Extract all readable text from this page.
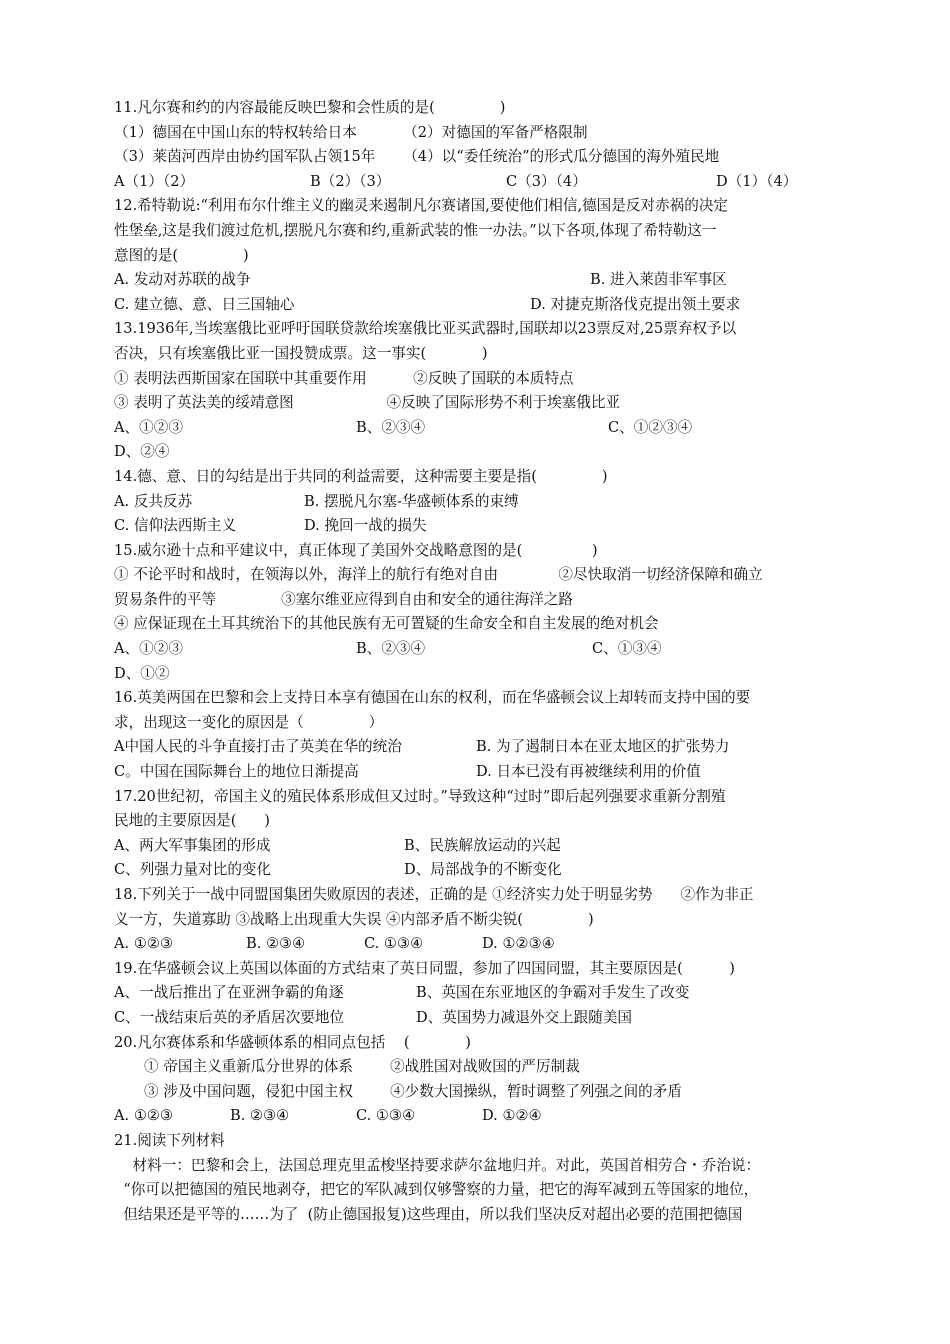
11.凡尔赛和约的内容最能反映巴黎和会性质的是(              )
（1）德国在中国山东的特权转给日本          （2）对德国的军备严格限制
（3）莱茵河西岸由协约国军队占领15年      （4）以“委任统治”的形式瓜分德国的海外殖民地
A（1）（2）	B（2）（3）	C（3）（4）	D（1）（4）
12.希特勒说:“利用布尔什维主义的幽灵来遏制凡尔赛诸国,要使他们相信,德国是反对赤祸的决定
性堡垒,这是我们渡过危机,摆脱凡尔赛和约,重新武装的惟一办法。”以下各项,体现了希特勒这一
意图的是(              )
A. 发动对苏联的战争	B. 进入莱茵非军事区
C. 建立德、意、日三国轴心	D. 对捷克斯洛伐克提出领土要求
13.1936年,当埃塞俄比亚呼吁国联贷款给埃塞俄比亚买武器时,国联却以23票反对,25票弃权予以
否决，只有埃塞俄比亚一国投赞成票。这一事实(            )
① 表明法西斯国家在国联中其重要作用          ②反映了国联的本质特点
③ 表明了英法美的绥靖意图                    ④反映了国际形势不利于埃塞俄比亚
A、①②③	B、②③④	C、①②③④
D、②④
14.德、意、日的勾结是出于共同的利益需要，这种需要主要是指(              )
A. 反共反苏	B. 摆脱凡尔塞-华盛顿体系的束缚
C. 信仰法西斯主义	D. 挽回一战的损失
15.威尔逊十点和平建议中，真正体现了美国外交战略意图的是(               )
① 不论平时和战时，在领海以外，海洋上的航行有绝对自由             ②尽快取消一切经济保障和确立
贸易条件的平等              ③塞尔维亚应得到自由和安全的通往海洋之路
④ 应保证现在土耳其统治下的其他民族有无可置疑的生命安全和自主发展的绝对机会
A、①②③	B、②③④	C、①③④
D、①②
16.英美两国在巴黎和会上支持日本享有德国在山东的权利，而在华盛顿会议上却转而支持中国的要
求，出现这一变化的原因是（              ）
A中国人民的斗争直接打击了英美在华的统治	B. 为了遏制日本在亚太地区的扩张势力
C。中国在国际舞台上的地位日渐提高	D. 日本已没有再被继续利用的价值
17.20世纪初，帝国主义的殖民体系形成但又过时。”导致这种“过时”即后起列强要求重新分割殖
民地的主要原因是(      )
A、两大军事集团的形成	B、民族解放运动的兴起
C、列强力量对比的变化	D、局部战争的不断变化
18.下列关于一战中同盟国集团失败原因的表述，正确的是 ①经济实力处于明显劣势      ②作为非正
义一方，失道寡助 ③战略上出现重大失误 ④内部矛盾不断尖锐(              )
A. ①②③	B. ②③④	C. ①③④	D. ①②③④
19.在华盛顿会议上英国以体面的方式结束了英日同盟，参加了四国同盟，其主要原因是(          )
A、一战后推出了在亚洲争霸的角逐	B、英国在东亚地区的争霸对手发生了改变
C、一战结束后英的矛盾居次要地位	D、英国势力减退外交上跟随美国
20.凡尔赛体系和华盛顿体系的相同点包括    (            )
① 帝国主义重新瓜分世界的体系        ②战胜国对战败国的严厉制裁
③ 涉及中国问题，侵犯中国主权        ④少数大国操纵，暂时调整了列强之间的矛盾
A. ①②③	B. ②③④	C. ①③④	D. ①②④
21.阅读下列材料
材料一：巴黎和会上，法国总理克里孟梭坚持要求萨尔盆地归并。对此，英国首相劳合・乔治说：
“你可以把德国的殖民地剥夺，把它的军队减到仅够警察的力量，把它的海军减到五等国家的地位，
但结果还是平等的……为了  (防止德国报复)这些理由，所以我们坚决反对超出必要的范围把德国
